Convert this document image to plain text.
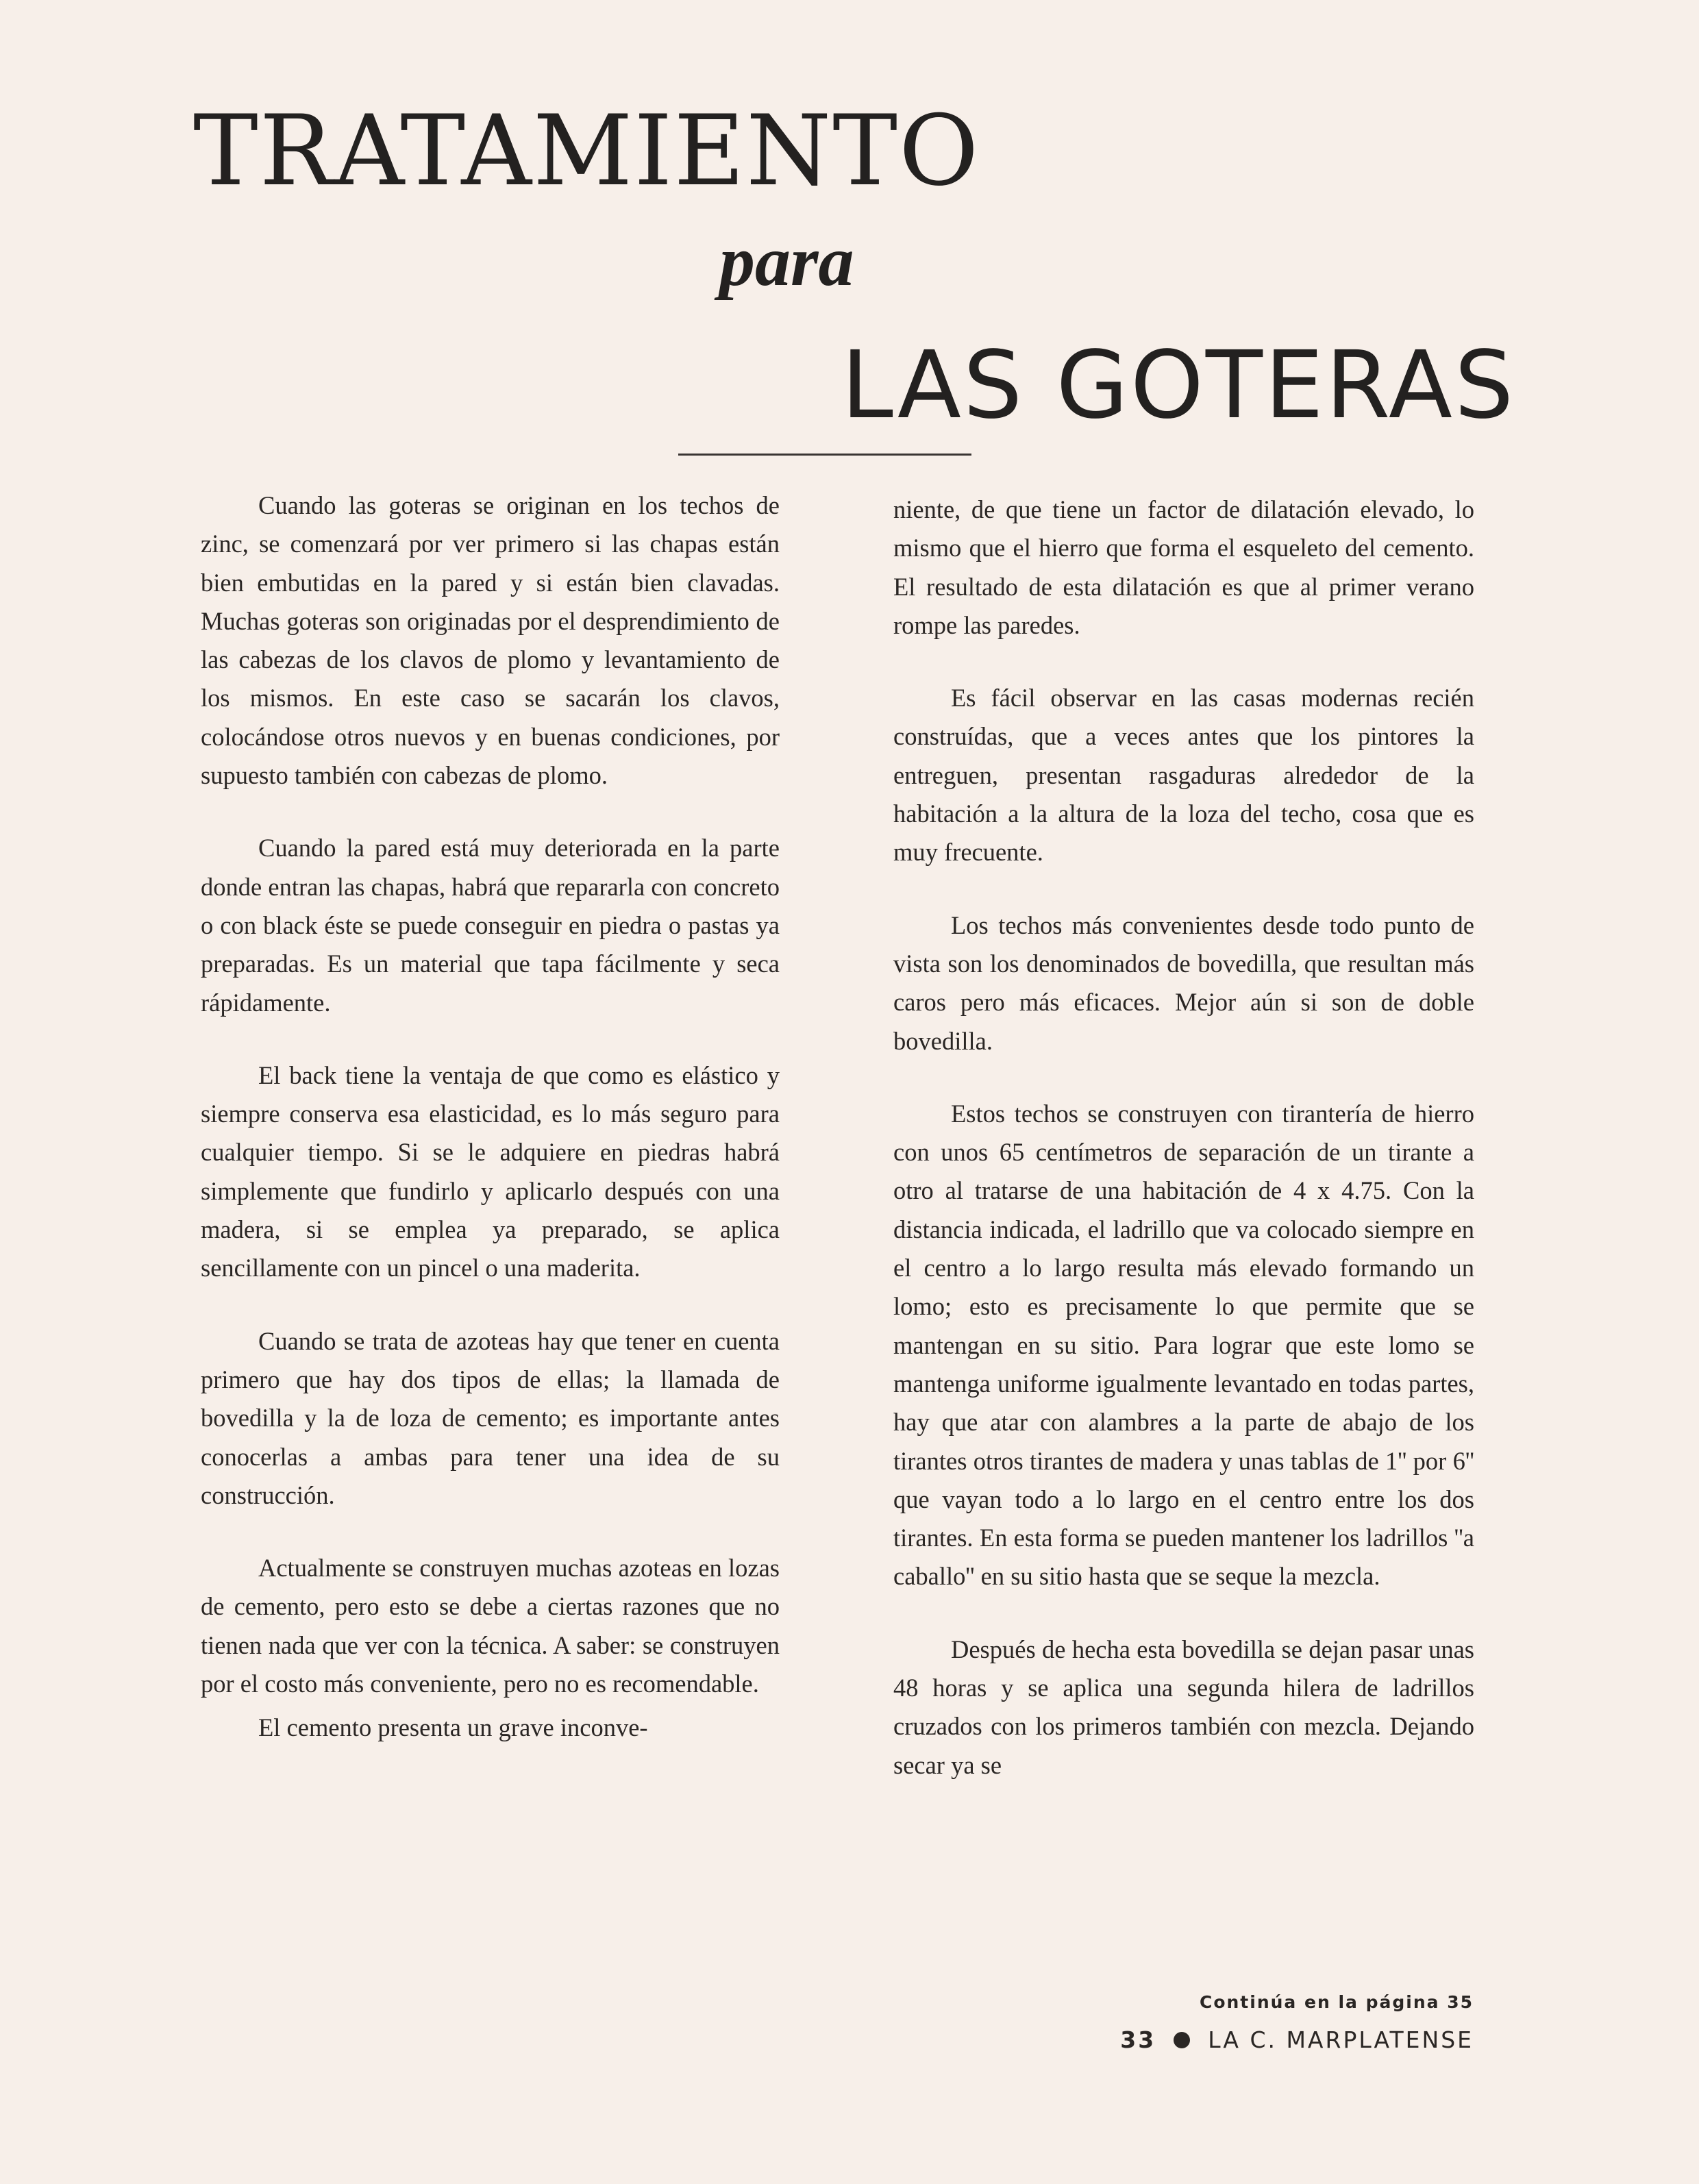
TRATAMIENTO
para
LAS GOTERAS

Cuando las goteras se originan en los techos de zinc, se comenzará por ver primero si las chapas están bien embutidas en la pared y si están bien clavadas. Muchas goteras son originadas por el desprendimiento de las cabezas de los clavos de plomo y levantamiento de los mismos. En este caso se sacarán los clavos, colocándose otros nuevos y en buenas condiciones, por supuesto también con cabezas de plomo.

Cuando la pared está muy deteriorada en la parte donde entran las chapas, habrá que repararla con concreto o con black éste se puede conseguir en piedra o pastas ya preparadas. Es un material que tapa fácilmente y seca rápidamente.

El back tiene la ventaja de que como es elástico y siempre conserva esa elasticidad, es lo más seguro para cualquier tiempo. Si se le adquiere en piedras habrá simplemente que fundirlo y aplicarlo después con una madera, si se emplea ya preparado, se aplica sencillamente con un pincel o una maderita.

Cuando se trata de azoteas hay que tener en cuenta primero que hay dos tipos de ellas; la llamada de bovedilla y la de loza de cemento; es importante antes conocerlas a ambas para tener una idea de su construcción.

Actualmente se construyen muchas azoteas en lozas de cemento, pero esto se debe a ciertas razones que no tienen nada que ver con la técnica. A saber: se construyen por el costo más conveniente, pero no es recomendable.

El cemento presenta un grave inconve-

niente, de que tiene un factor de dilatación elevado, lo mismo que el hierro que forma el esqueleto del cemento. El resultado de esta dilatación es que al primer verano rompe las paredes.

Es fácil observar en las casas modernas recién construídas, que a veces antes que los pintores la entreguen, presentan rasgaduras alrededor de la habitación a la altura de la loza del techo, cosa que es muy frecuente.

Los techos más convenientes desde todo punto de vista son los denominados de bovedilla, que resultan más caros pero más eficaces. Mejor aún si son de doble bovedilla.

Estos techos se construyen con tirantería de hierro con unos 65 centímetros de separación de un tirante a otro al tratarse de una habitación de 4 x 4.75. Con la distancia indicada, el ladrillo que va colocado siempre en el centro a lo largo resulta más elevado formando un lomo; esto es precisamente lo que permite que se mantengan en su sitio. Para lograr que este lomo se mantenga uniforme igualmente levantado en todas partes, hay que atar con alambres a la parte de abajo de los tirantes otros tirantes de madera y unas tablas de 1'' por 6'' que vayan todo a lo largo en el centro entre los dos tirantes. En esta forma se pueden mantener los ladrillos ''a caballo'' en su sitio hasta que se seque la mezcla.

Después de hecha esta bovedilla se dejan pasar unas 48 horas y se aplica una segunda hilera de ladrillos cruzados con los primeros también con mezcla. Dejando secar ya se

Continúa en la página 35
33 LA C. MARPLATENSE
